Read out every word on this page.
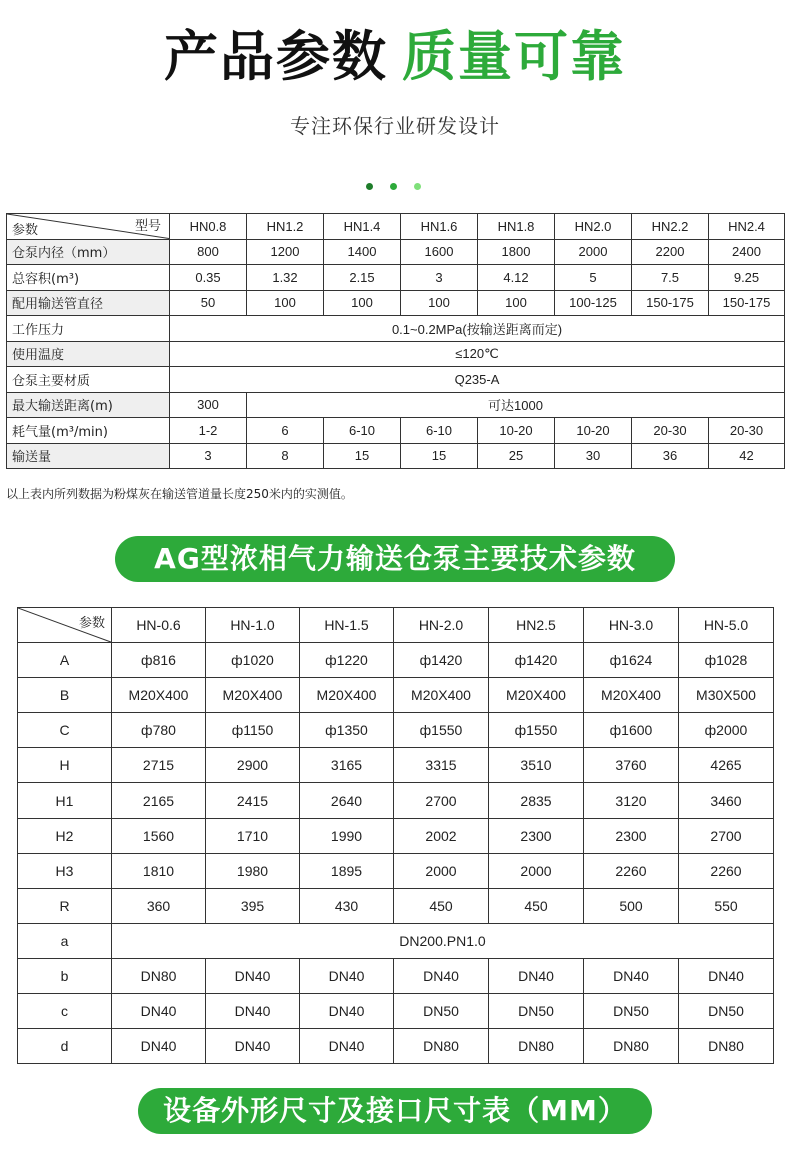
产品参数 质量可靠
专注环保行业研发设计
型号
参数	HN0.8	HN1.2	HN1.4	HN1.6	HN1.8	HN2.0	HN2.2	HN2.4
仓泵内径（mm）	800	1200	1400	1600	1800	2000	2200	2400
总容积(m³)	0.35	1.32	2.15	3	4.12	5	7.5	9.25
配用输送管直径	50	100	100	100	100	100-125	150-175	150-175
工作压力	0.1~0.2MPa(按输送距离而定)							
使用温度	≤120℃							
仓泵主要材质	Q235-A							
最大输送距离(m)	300	可达1000						
耗气量(m³/min)	1-2	6	6-10	6-10	10-20	10-20	20-30	20-30
输送量	3	8	15	15	25	30	36	42
以上表内所列数据为粉煤灰在输送管道量长度250米内的实测值。
AG型浓相气力输送仓泵主要技术参数
参数	HN-0.6	HN-1.0	HN-1.5	HN-2.0	HN2.5	HN-3.0	HN-5.0
A	ф816	ф1020	ф1220	ф1420	ф1420	ф1624	ф1028
B	M20X400	M20X400	M20X400	M20X400	M20X400	M20X400	M30X500
C	ф780	ф1150	ф1350	ф1550	ф1550	ф1600	ф2000
H	2715	2900	3165	3315	3510	3760	4265
H1	2165	2415	2640	2700	2835	3120	3460
H2	1560	1710	1990	2002	2300	2300	2700
H3	1810	1980	1895	2000	2000	2260	2260
R	360	395	430	450	450	500	550
a	DN200.PN1.0						
b	DN80	DN40	DN40	DN40	DN40	DN40	DN40
c	DN40	DN40	DN40	DN50	DN50	DN50	DN50
d	DN40	DN40	DN40	DN80	DN80	DN80	DN80
设备外形尺寸及接口尺寸表（MM）
